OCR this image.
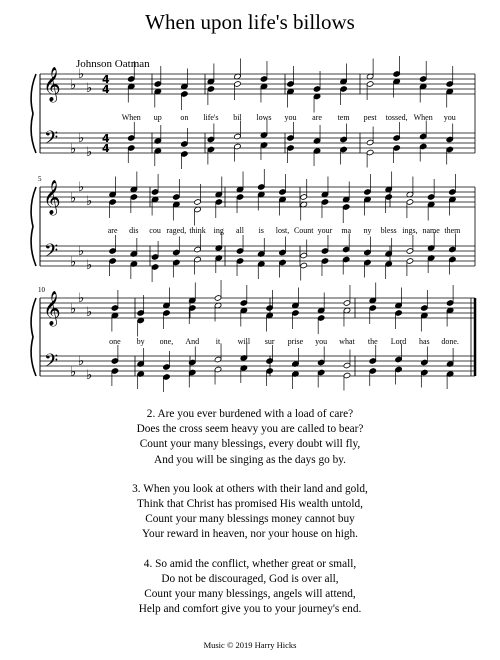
When upon life's billows
Johnson Oatman
𝄞
𝄢
♭
♭
♭
♭
♭
♭
4
4
4
4
When up on life's bil lows you are tem pest tossed, When you
𝄞
𝄢
♭
♭
♭
♭
♭
♭
5
are dis cou raged, think ing all is lost, Count your ma ny bless ings, name them
𝄞
𝄢
♭
♭
♭
♭
♭
♭
10
one by one, And it will sur prise you what the Lord has done.

2. Are you ever burdened with a load of care?

Does the cross seem heavy you are called to bear?

Count your many blessings, every doubt will fly,

And you will be singing as the days go by.

3. When you look at others with their land and gold,

Think that Christ has promised His wealth untold,

Count your many blessings money cannot buy

Your reward in heaven, nor your house on high.

4. So amid the conflict, whether great or small,

Do not be discouraged, God is over all,

Count your many blessings, angels will attend,

Help and comfort give you to your journey's end.

Music © 2019 Harry Hicks
